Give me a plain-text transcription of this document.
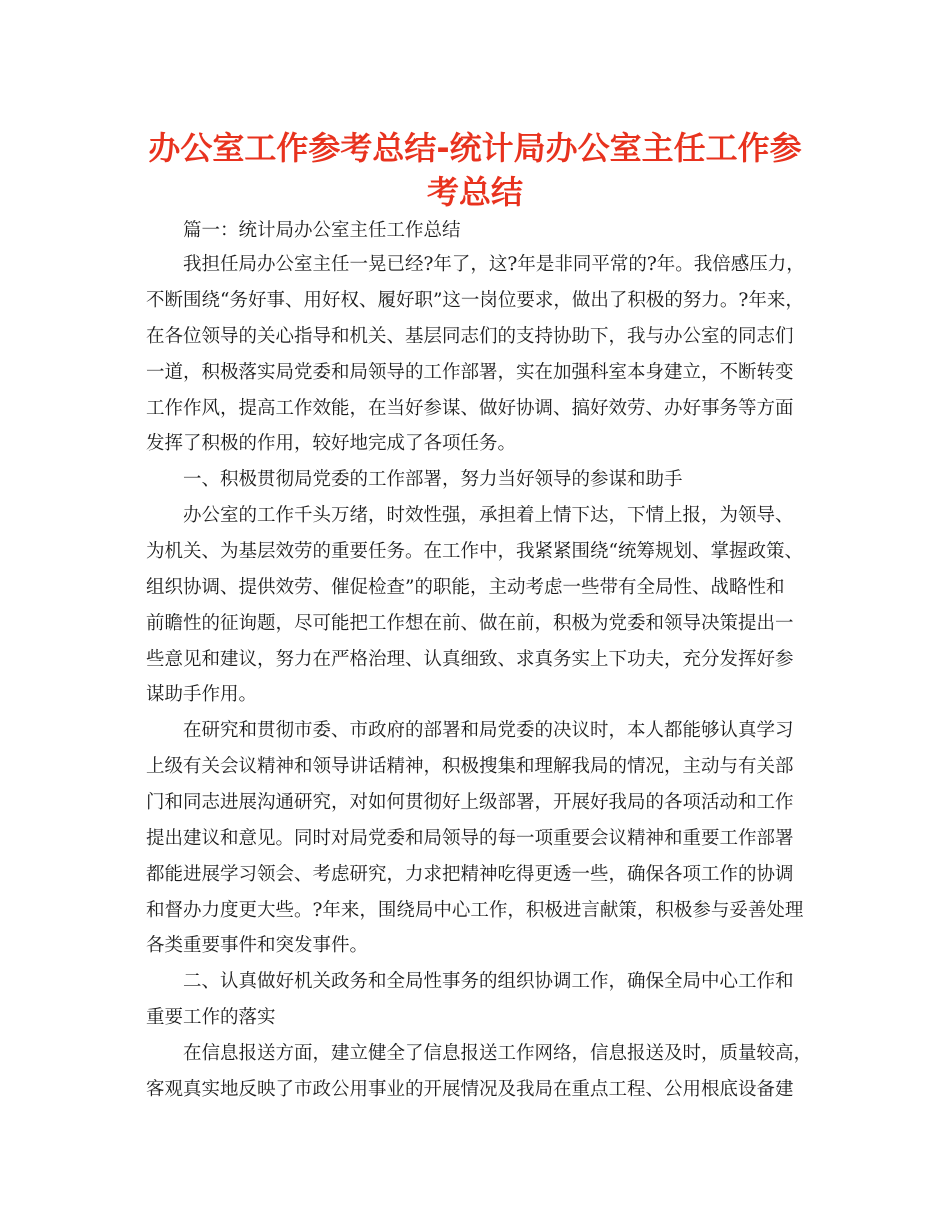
办公室工作参考总结-统计局办公室主任工作参
考总结

篇一：统计局办公室主任工作总结

我担任局办公室主任一晃已经?年了，这?年是非同平常的?年。我倍感压力，

不断围绕“务好事、用好权、履好职”这一岗位要求，做出了积极的努力。?年来，

在各位领导的关心指导和机关、基层同志们的支持协助下，我与办公室的同志们

一道，积极落实局党委和局领导的工作部署，实在加强科室本身建立，不断转变

工作作风，提高工作效能，在当好参谋、做好协调、搞好效劳、办好事务等方面

发挥了积极的作用，较好地完成了各项任务。

一、积极贯彻局党委的工作部署，努力当好领导的参谋和助手

办公室的工作千头万绪，时效性强，承担着上情下达，下情上报，为领导、

为机关、为基层效劳的重要任务。在工作中，我紧紧围绕“统筹规划、掌握政策、

组织协调、提供效劳、催促检查”的职能，主动考虑一些带有全局性、战略性和

前瞻性的征询题，尽可能把工作想在前、做在前，积极为党委和领导决策提出一

些意见和建议，努力在严格治理、认真细致、求真务实上下功夫，充分发挥好参

谋助手作用。

在研究和贯彻市委、市政府的部署和局党委的决议时，本人都能够认真学习

上级有关会议精神和领导讲话精神，积极搜集和理解我局的情况，主动与有关部

门和同志进展沟通研究，对如何贯彻好上级部署，开展好我局的各项活动和工作

提出建议和意见。同时对局党委和局领导的每一项重要会议精神和重要工作部署

都能进展学习领会、考虑研究，力求把精神吃得更透一些，确保各项工作的协调

和督办力度更大些。?年来，围绕局中心工作，积极进言献策，积极参与妥善处理

各类重要事件和突发事件。

二、认真做好机关政务和全局性事务的组织协调工作，确保全局中心工作和

重要工作的落实

在信息报送方面，建立健全了信息报送工作网络，信息报送及时，质量较高，

客观真实地反映了市政公用事业的开展情况及我局在重点工程、公用根底设备建
